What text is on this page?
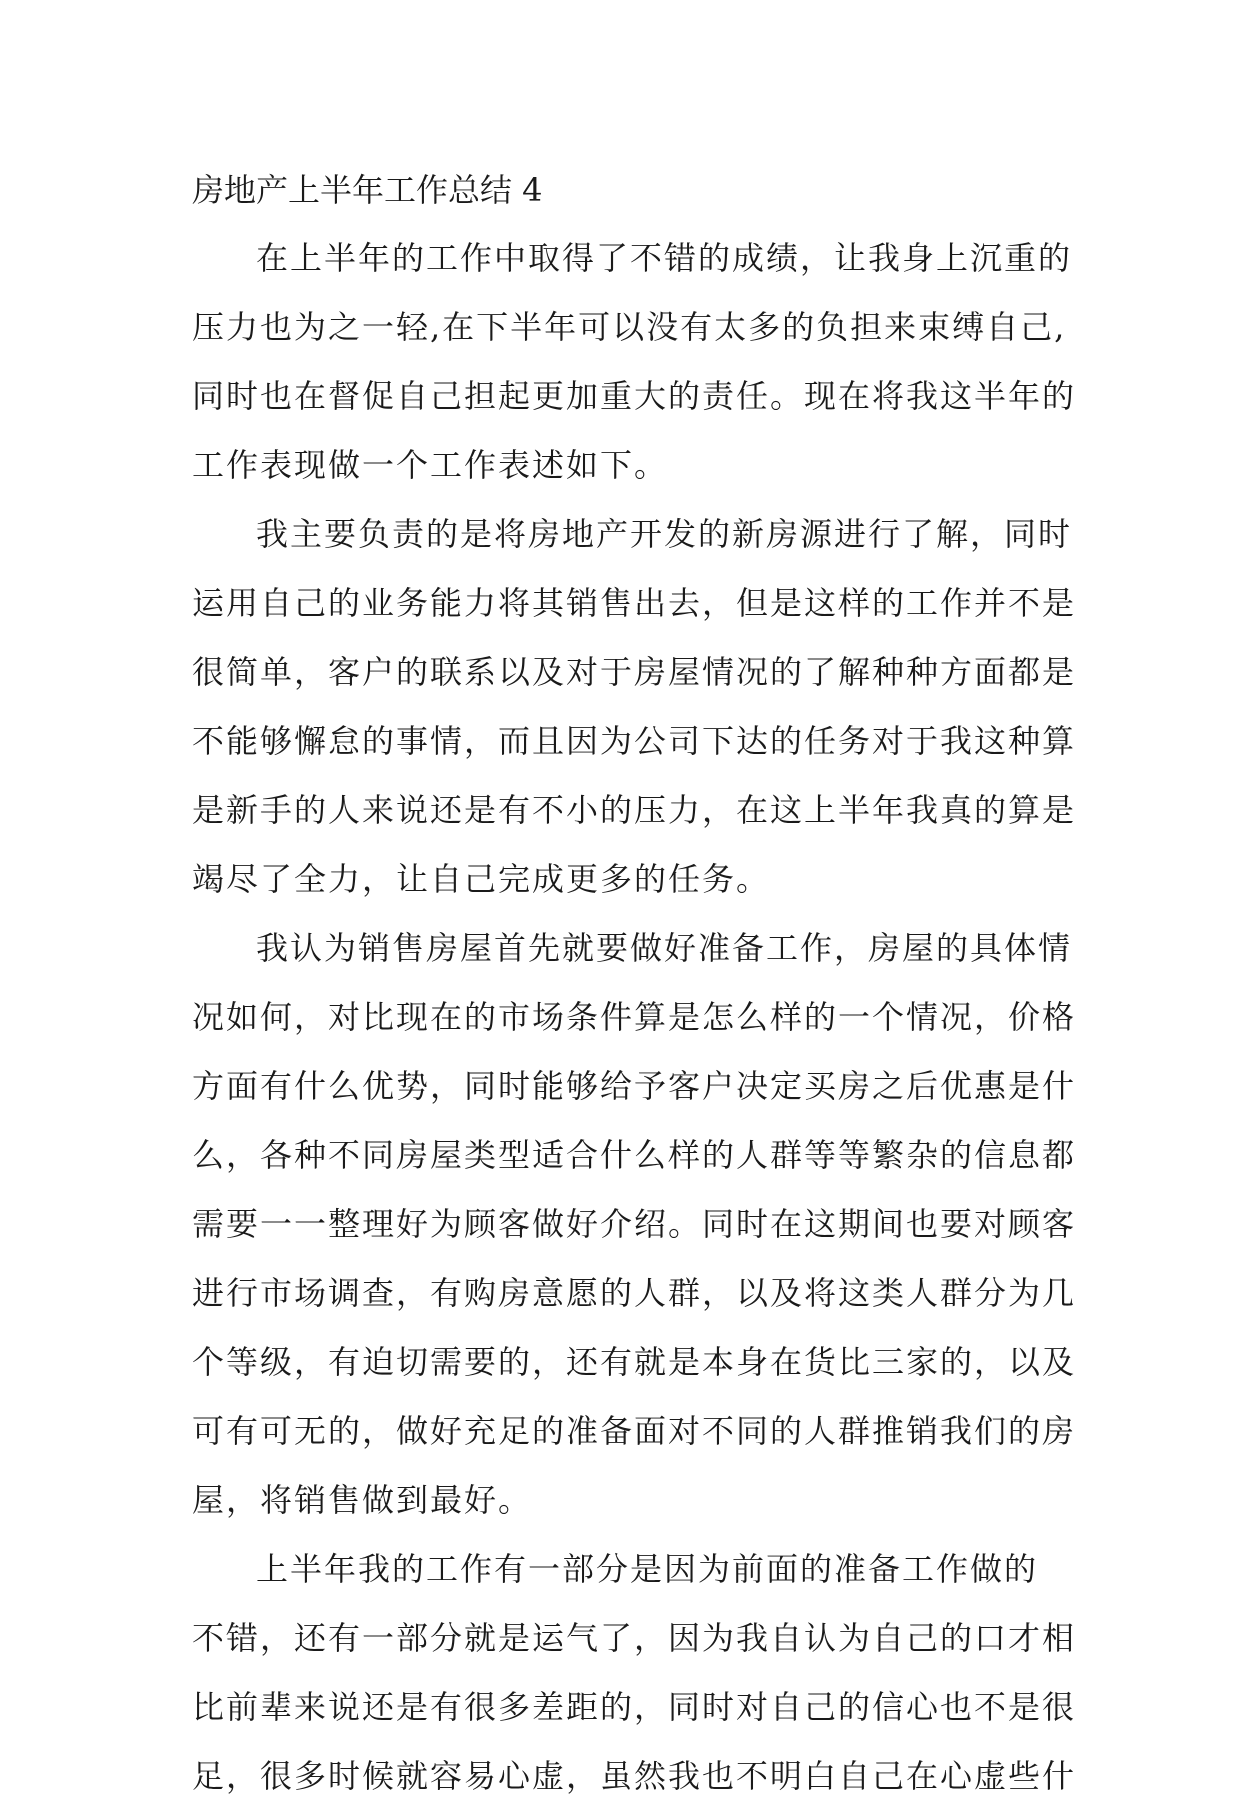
房地产上半年工作总结 4
在上半年的工作中取得了不错的成绩，让我身上沉重的
压力也为之一轻,在下半年可以没有太多的负担来束缚自己,
同时也在督促自己担起更加重大的责任。现在将我这半年的
工作表现做一个工作表述如下。
我主要负责的是将房地产开发的新房源进行了解，同时
运用自己的业务能力将其销售出去，但是这样的工作并不是
很简单，客户的联系以及对于房屋情况的了解种种方面都是
不能够懈怠的事情，而且因为公司下达的任务对于我这种算
是新手的人来说还是有不小的压力，在这上半年我真的算是
竭尽了全力，让自己完成更多的任务。
我认为销售房屋首先就要做好准备工作，房屋的具体情
况如何，对比现在的市场条件算是怎么样的一个情况，价格
方面有什么优势，同时能够给予客户决定买房之后优惠是什
么，各种不同房屋类型适合什么样的人群等等繁杂的信息都
需要一一整理好为顾客做好介绍。同时在这期间也要对顾客
进行市场调查，有购房意愿的人群，以及将这类人群分为几
个等级，有迫切需要的，还有就是本身在货比三家的，以及
可有可无的，做好充足的准备面对不同的人群推销我们的房
屋，将销售做到最好。
上半年我的工作有一部分是因为前面的准备工作做的
不错，还有一部分就是运气了，因为我自认为自己的口才相
比前辈来说还是有很多差距的，同时对自己的信心也不是很
足，很多时候就容易心虚，虽然我也不明白自己在心虚些什
